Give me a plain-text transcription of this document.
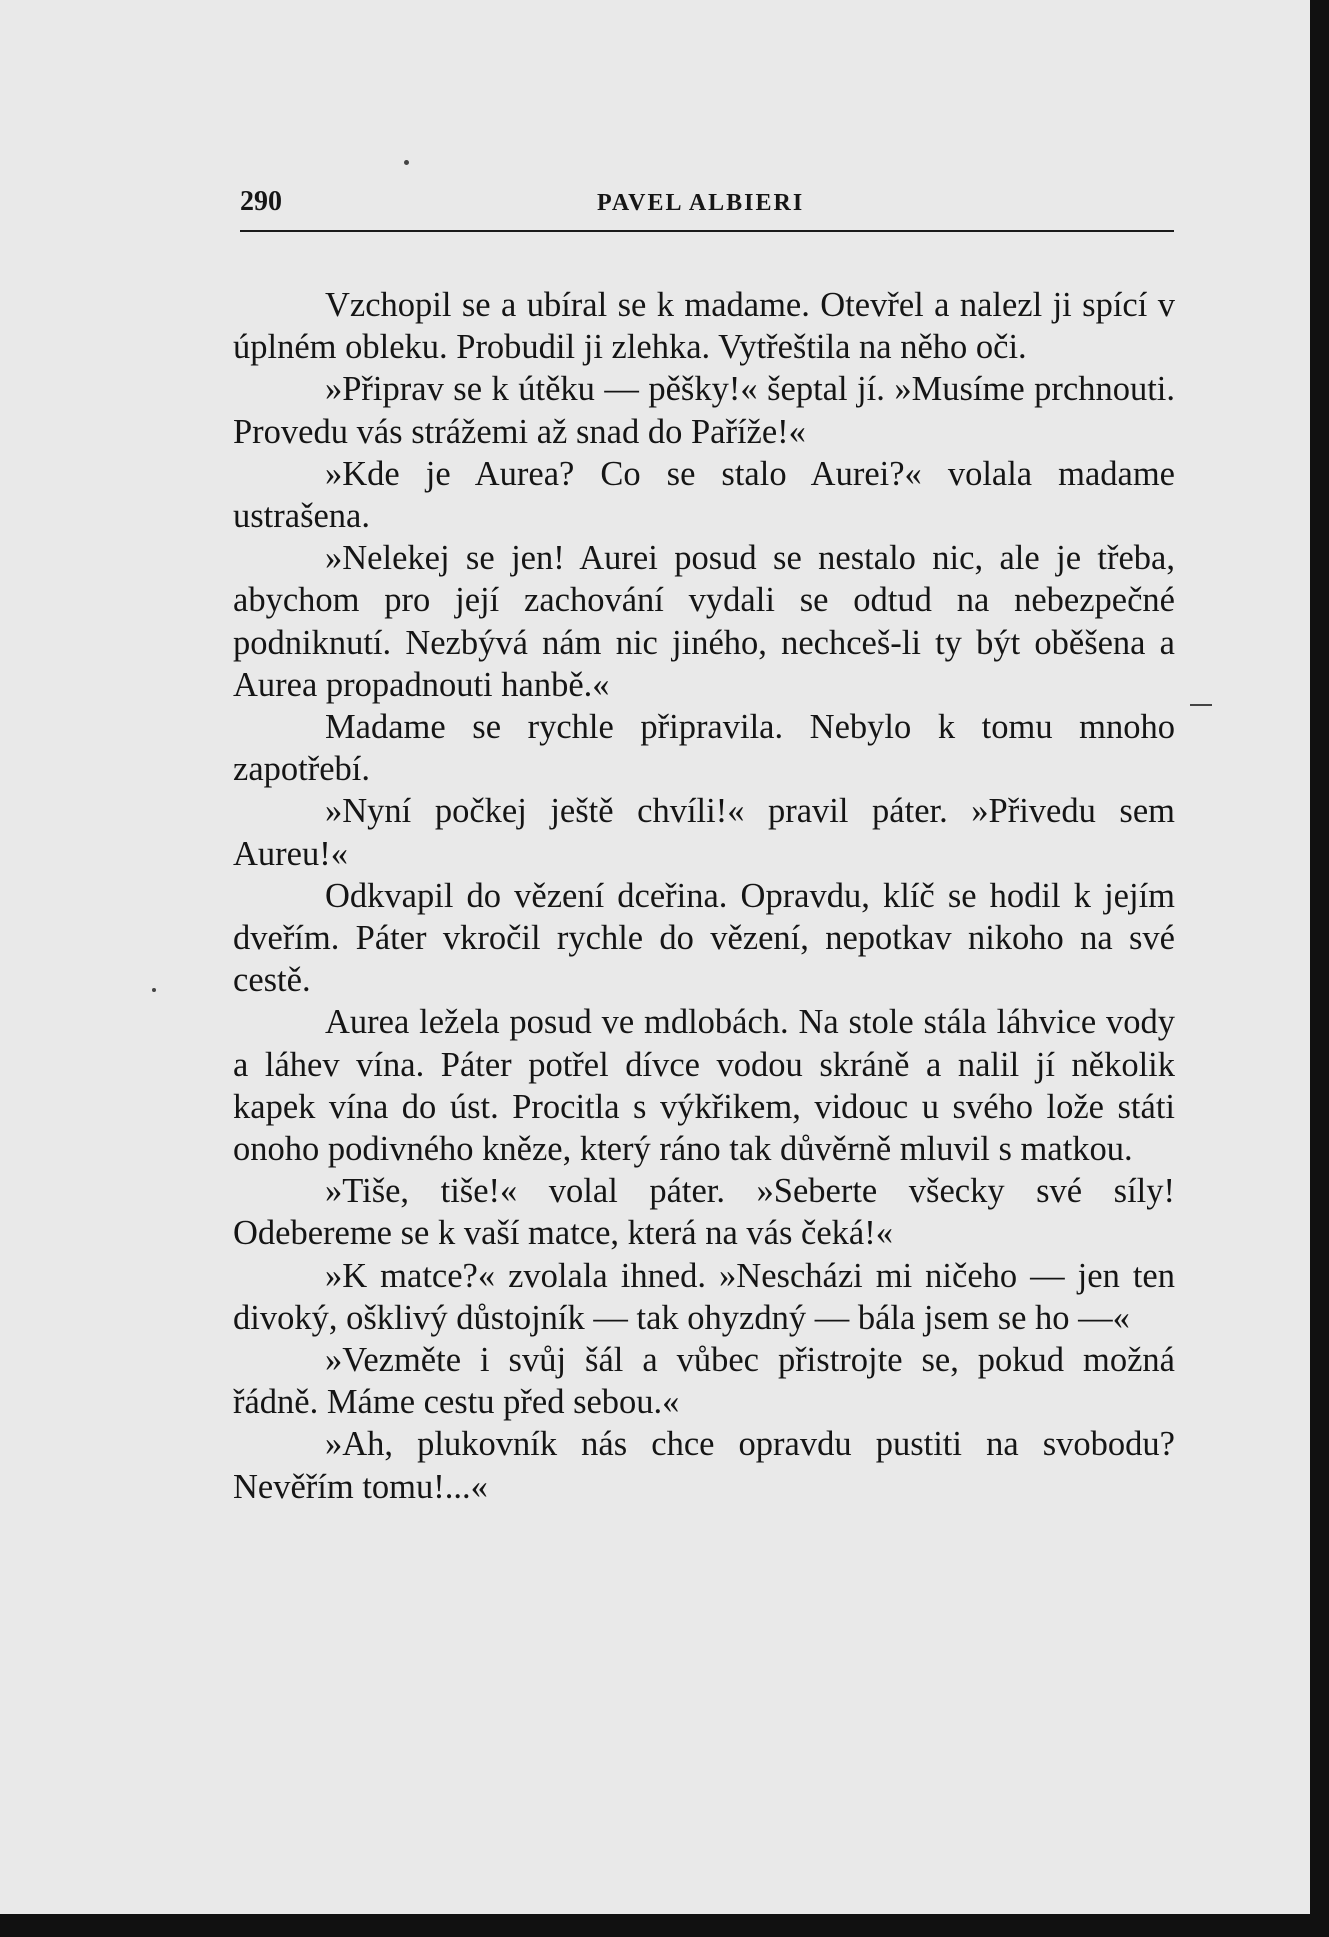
290	PAVEL ALBIERI

Vzchopil se a ubíral se k madame. Otevřel a nalezl ji spící v úplném obleku. Probudil ji zlehka. Vytřeštila na něho oči.

»Připrav se k útěku — pěšky!« šeptal jí. »Musíme prchnouti. Provedu vás strážemi až snad do Paříže!«

»Kde je Aurea? Co se stalo Aurei?« volala madame ustrašena.

»Nelekej se jen! Aurei posud se nestalo nic, ale je třeba, abychom pro její zachování vydali se odtud na nebezpečné podniknutí. Nezbývá nám nic jiného, nechceš-li ty být oběšena a Aurea propadnouti hanbě.«

Madame se rychle připravila. Nebylo k tomu mnoho zapotřebí.

»Nyní počkej ještě chvíli!« pravil páter. »Přivedu sem Aureu!«

Odkvapil do vězení dceřina. Opravdu, klíč se hodil k jejím dveřím. Páter vkročil rychle do vězení, nepotkav nikoho na své cestě.

Aurea ležela posud ve mdlobách. Na stole stála láhvice vody a láhev vína. Páter potřel dívce vodou skráně a nalil jí několik kapek vína do úst. Procitla s výkřikem, vidouc u svého lože státi onoho podivného kněze, který ráno tak důvěrně mluvil s matkou.

»Tiše, tiše!« volal páter. »Seberte všecky své síly! Odebereme se k vaší matce, která na vás čeká!«

»K matce?« zvolala ihned. »Nescházi mi ničeho — jen ten divoký, ošklivý důstojník — tak ohyzdný — bála jsem se ho —«

»Vezměte i svůj šál a vůbec přistrojte se, pokud možná řádně. Máme cestu před sebou.«

»Ah, plukovník nás chce opravdu pustiti na svobodu? Nevěřím tomu!...«
